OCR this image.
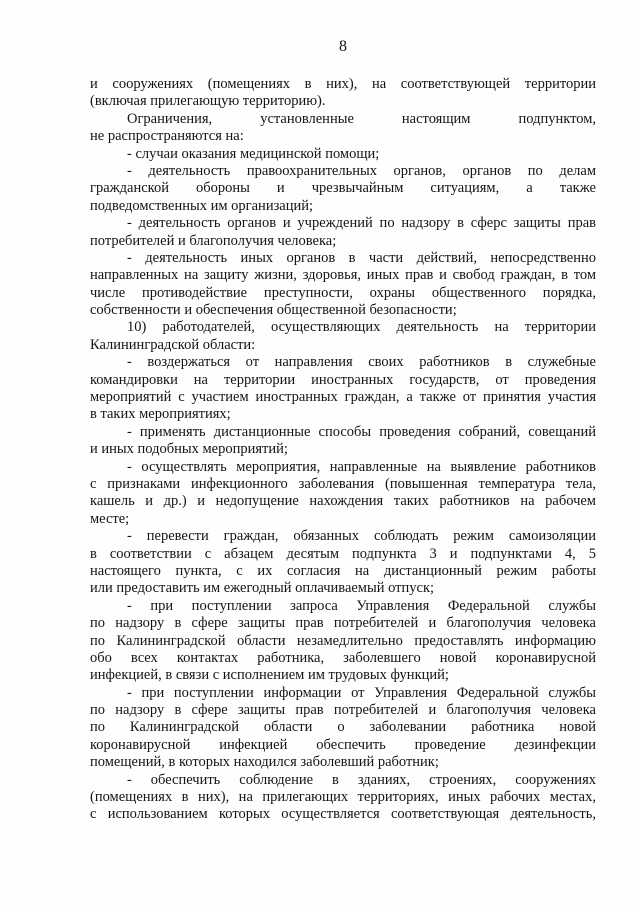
8
и сооружениях (помещениях в них), на соответствующей территории
(включая прилегающую территорию).
Ограничения, установленные настоящим подпунктом,
не распространяются на:
- случаи оказания медицинской помощи;
- деятельность правоохранительных органов, органов по делам
гражданской обороны и чрезвычайным ситуациям, а также
подведомственных им организаций;
- деятельность органов и учреждений по надзору в сферс защиты прав
потребителей и благополучия человека;
- деятельность иных органов в части действий, непосредственно
направленных на защиту жизни, здоровья, иных прав и свобод граждан, в том
числе противодействие преступности, охраны общественного порядка,
собственности и обеспечения общественной безопасности;
10) работодателей, осуществляющих деятельность на территории
Калининградской области:
- воздержаться от направления своих работников в служебные
командировки на территории иностранных государств, от проведения
мероприятий с участием иностранных граждан, а также от принятия участия
в таких мероприятиях;
- применять дистанционные способы проведения собраний, совещаний
и иных подобных мероприятий;
- осуществлять мероприятия, направленные на выявление работников
с признаками инфекционного заболевания (повышенная температура тела,
кашель и др.) и недопущение нахождения таких работников на рабочем
месте;
- перевести граждан, обязанных соблюдать режим самоизоляции
в соответствии с абзацем десятым подпункта 3 и подпунктами 4, 5
настоящего пункта, с их согласия на дистанционный режим работы
или предоставить им ежегодный оплачиваемый отпуск;
- при поступлении запроса Управления Федеральной службы
по надзору в сфере защиты прав потребителей и благополучия человека
по Калининградской области незамедлительно предоставлять информацию
обо всех контактах работника, заболевшего новой коронавирусной
инфекцией, в связи с исполнением им трудовых функций;
- при поступлении информации от Управления Федеральной службы
по надзору в сфере защиты прав потребителей и благополучия человека
по Калининградской области о заболевании работника новой
коронавирусной инфекцией обеспечить проведение дезинфекции
помещений, в которых находился заболевший работник;
- обеспечить соблюдение в зданиях, строениях, сооружениях
(помещениях в них), на прилегающих территориях, иных рабочих местах,
с использованием которых осуществляется соответствующая деятельность,
